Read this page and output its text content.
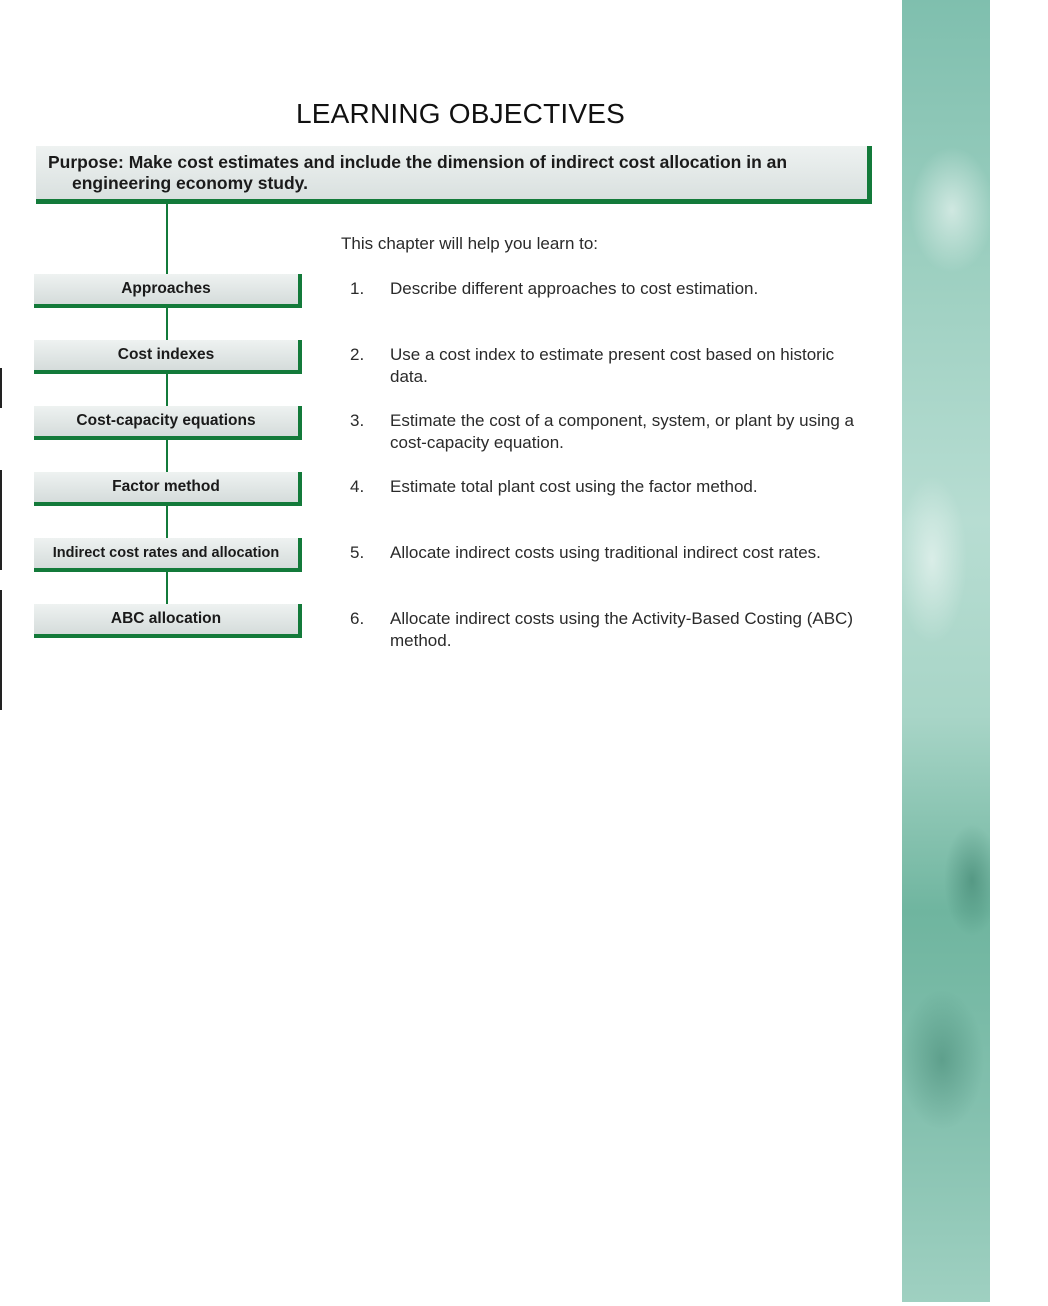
LEARNING OBJECTIVES
Purpose: Make cost estimates and include the dimension of indirect cost allocation in an
engineering economy study.
Approaches
Cost indexes
Cost-capacity equations
Factor method
Indirect cost rates and allocation
ABC allocation
This chapter will help you learn to:
1.	Describe different approaches to cost estimation.
2.	Use a cost index to estimate present cost based on historic data.
3.	Estimate the cost of a component, system, or plant by using a cost-capacity equation.
4.	Estimate total plant cost using the factor method.
5.	Allocate indirect costs using traditional indirect cost rates.
6.	Allocate indirect costs using the Activity-Based Costing (ABC) method.
